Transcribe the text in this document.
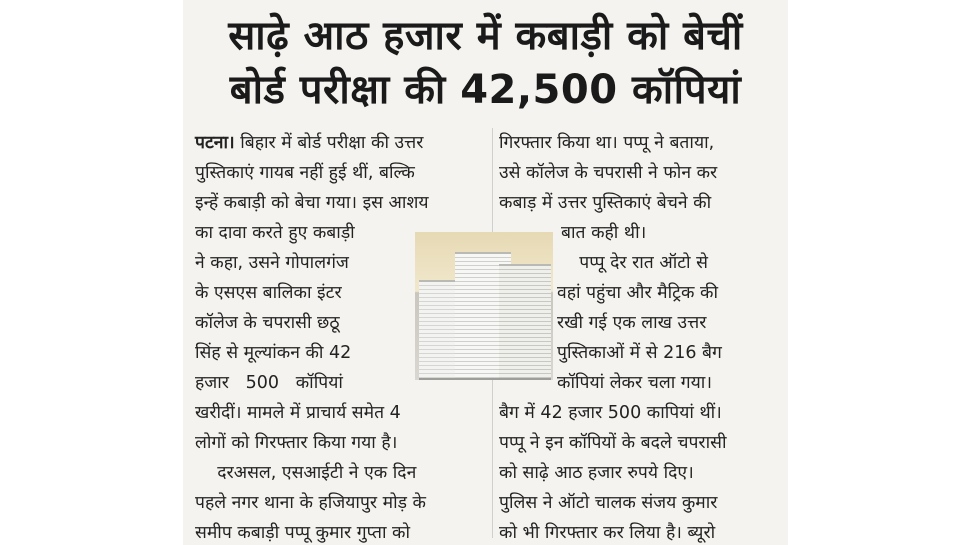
साढ़े आठ हजार में कबाड़ी को बेचीं
बोर्ड परीक्षा की 42,500 कॉपियां
पटना। बिहार में बोर्ड परीक्षा की उत्तर
पुस्तिकाएं गायब नहीं हुई थीं, बल्कि
इन्हें कबाड़ी को बेचा गया। इस आशय
का दावा करते हुए कबाड़ी
ने कहा, उसने गोपालगंज
के एसएस बालिका इंटर
कॉलेज के चपरासी छठू
सिंह से मूल्यांकन की 42
हजार   500   कॉपियां
खरीदीं। मामले में प्राचार्य समेत 4
लोगों को गिरफ्तार किया गया है।
दरअसल, एसआईटी ने एक दिन
पहले नगर थाना के हजियापुर मोड़ के
समीप कबाड़ी पप्पू कुमार गुप्ता को
गिरफ्तार किया था। पप्पू ने बताया,
उसे कॉलेज के चपरासी ने फोन कर
कबाड़ में उत्तर पुस्तिकाएं बेचने की
बात कही थी।
पप्पू देर रात ऑटो से
वहां पहुंचा और मैट्रिक की
रखी गई एक लाख उत्तर
पुस्तिकाओं में से 216 बैग
कॉपियां लेकर चला गया।
बैग में 42 हजार 500 कापियां थीं।
पप्पू ने इन कॉपियों के बदले चपरासी
को साढ़े आठ हजार रुपये दिए।
पुलिस ने ऑटो चालक संजय कुमार
को भी गिरफ्तार कर लिया है। ब्यूरो
